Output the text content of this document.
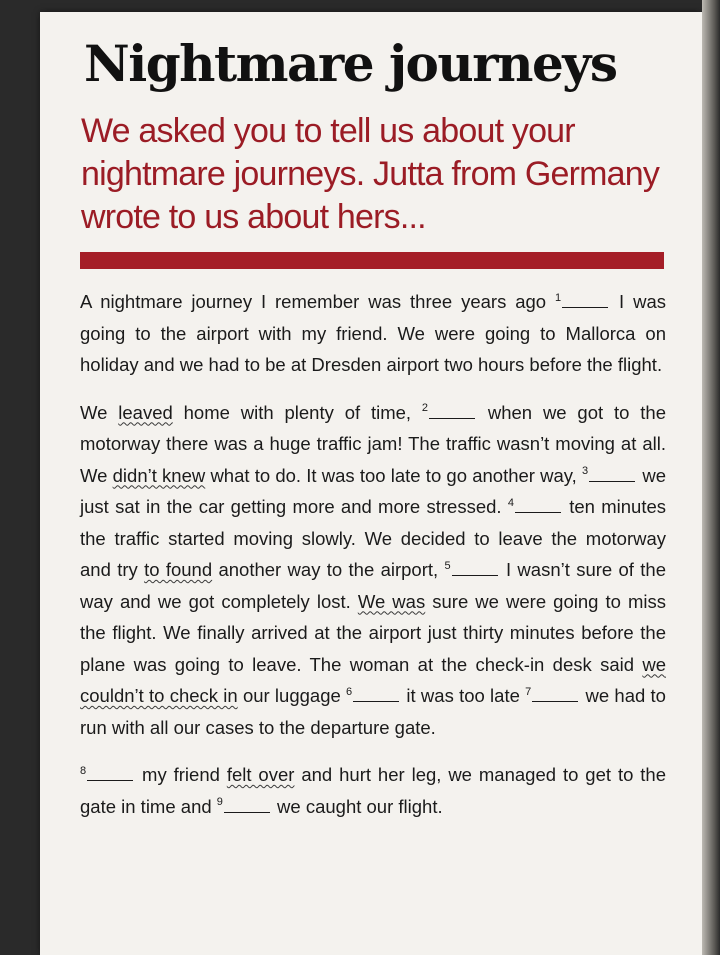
Nightmare journeys

We asked you to tell us about your nightmare journeys. Jutta from Germany wrote to us about hers...

A nightmare journey I remember was three years ago $^1$	I was going to the airport with my friend. We were going to Mallorca on holiday and we had to be at Dresden airport two hours before the flight.

We leaved home with plenty of time, $^2$	when we got to the motorway there was a huge traffic jam! The traffic wasn’t moving at all. We didn’t knew what to do. It was too late to go another way, $^3$	we just sat in the car getting more and more stressed. $^4$	ten minutes the traffic started moving slowly. We decided to leave the motorway and try to found another way to the airport, $^5$	I wasn’t sure of the way and we got completely lost. We was sure we were going to miss the flight. We finally arrived at the airport just thirty minutes before the plane was going to leave. The woman at the check-in desk said we couldn’t to check in our luggage $^6$	it was too late $^7$	we had to run with all our cases to the departure gate.

$^8$	my friend felt over and hurt her leg, we managed to get to the gate in time and $^9$	we caught our flight.
